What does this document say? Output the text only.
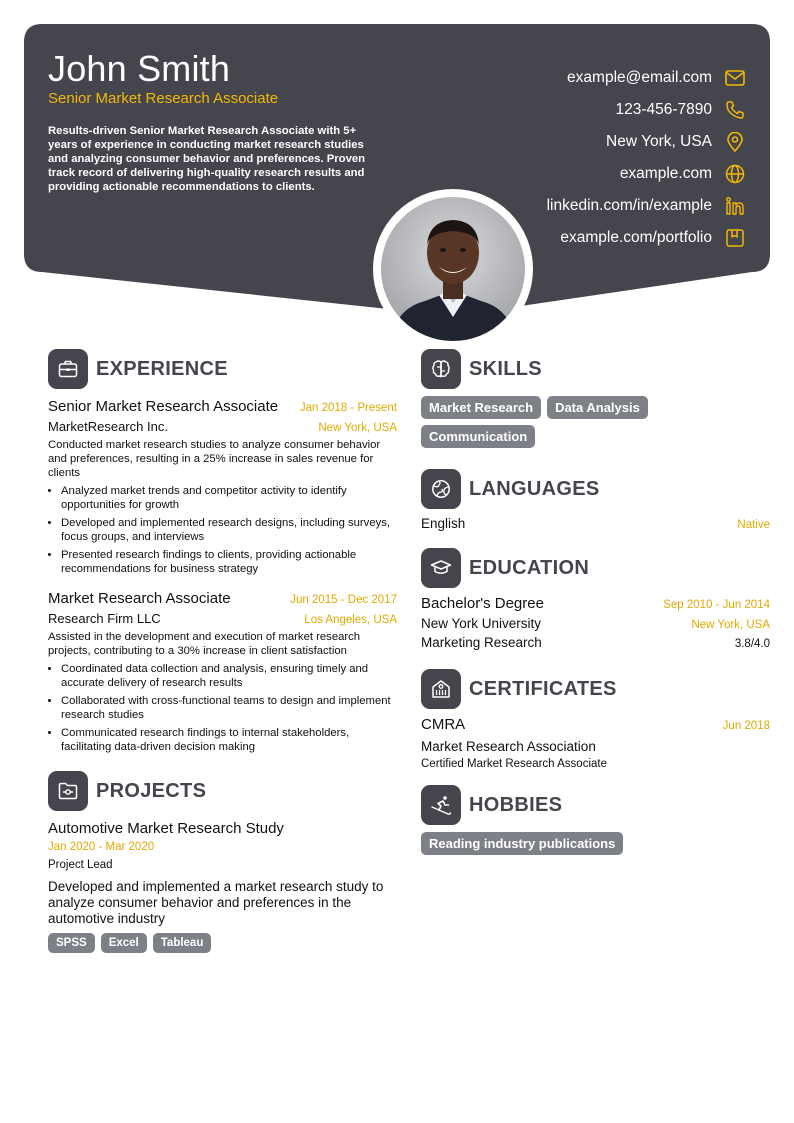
John Smith
Senior Market Research Associate
Results-driven Senior Market Research Associate with 5+ years of experience in conducting market research studies and analyzing consumer behavior and preferences. Proven track record of delivering high-quality research results and providing actionable recommendations to clients.
example@email.com
123-456-7890
New York, USA
example.com
linkedin.com/in/example
example.com/portfolio
EXPERIENCE
Senior Market Research Associate Jan 2018 - Present
MarketResearch Inc.	New York, USA
Conducted market research studies to analyze consumer behavior and preferences, resulting in a 25% increase in sales revenue for clients
• Analyzed market trends and competitor activity to identify opportunities for growth
• Developed and implemented research designs, including surveys, focus groups, and interviews
• Presented research findings to clients, providing actionable recommendations for business strategy
Market Research Associate	Jun 2015 - Dec 2017
Research Firm LLC	Los Angeles, USA
Assisted in the development and execution of market research projects, contributing to a 30% increase in client satisfaction
• Coordinated data collection and analysis, ensuring timely and accurate delivery of research results
• Collaborated with cross-functional teams to design and implement research studies
• Communicated research findings to internal stakeholders, facilitating data-driven decision making
PROJECTS
Automotive Market Research Study
Jan 2020 - Mar 2020
Project Lead
Developed and implemented a market research study to analyze consumer behavior and preferences in the automotive industry
SPSS Excel Tableau
SKILLS
Market Research Data AnalysisCommunication
LANGUAGES
English	Native
EDUCATION
Bachelor's Degree	Sep 2010 - Jun 2014
New York University	New York, USA
Marketing Research	3.8/4.0
CERTIFICATES
CMRA	Jun 2018
Market Research Association
Certified Market Research Associate
HOBBIES
Reading industry publications
